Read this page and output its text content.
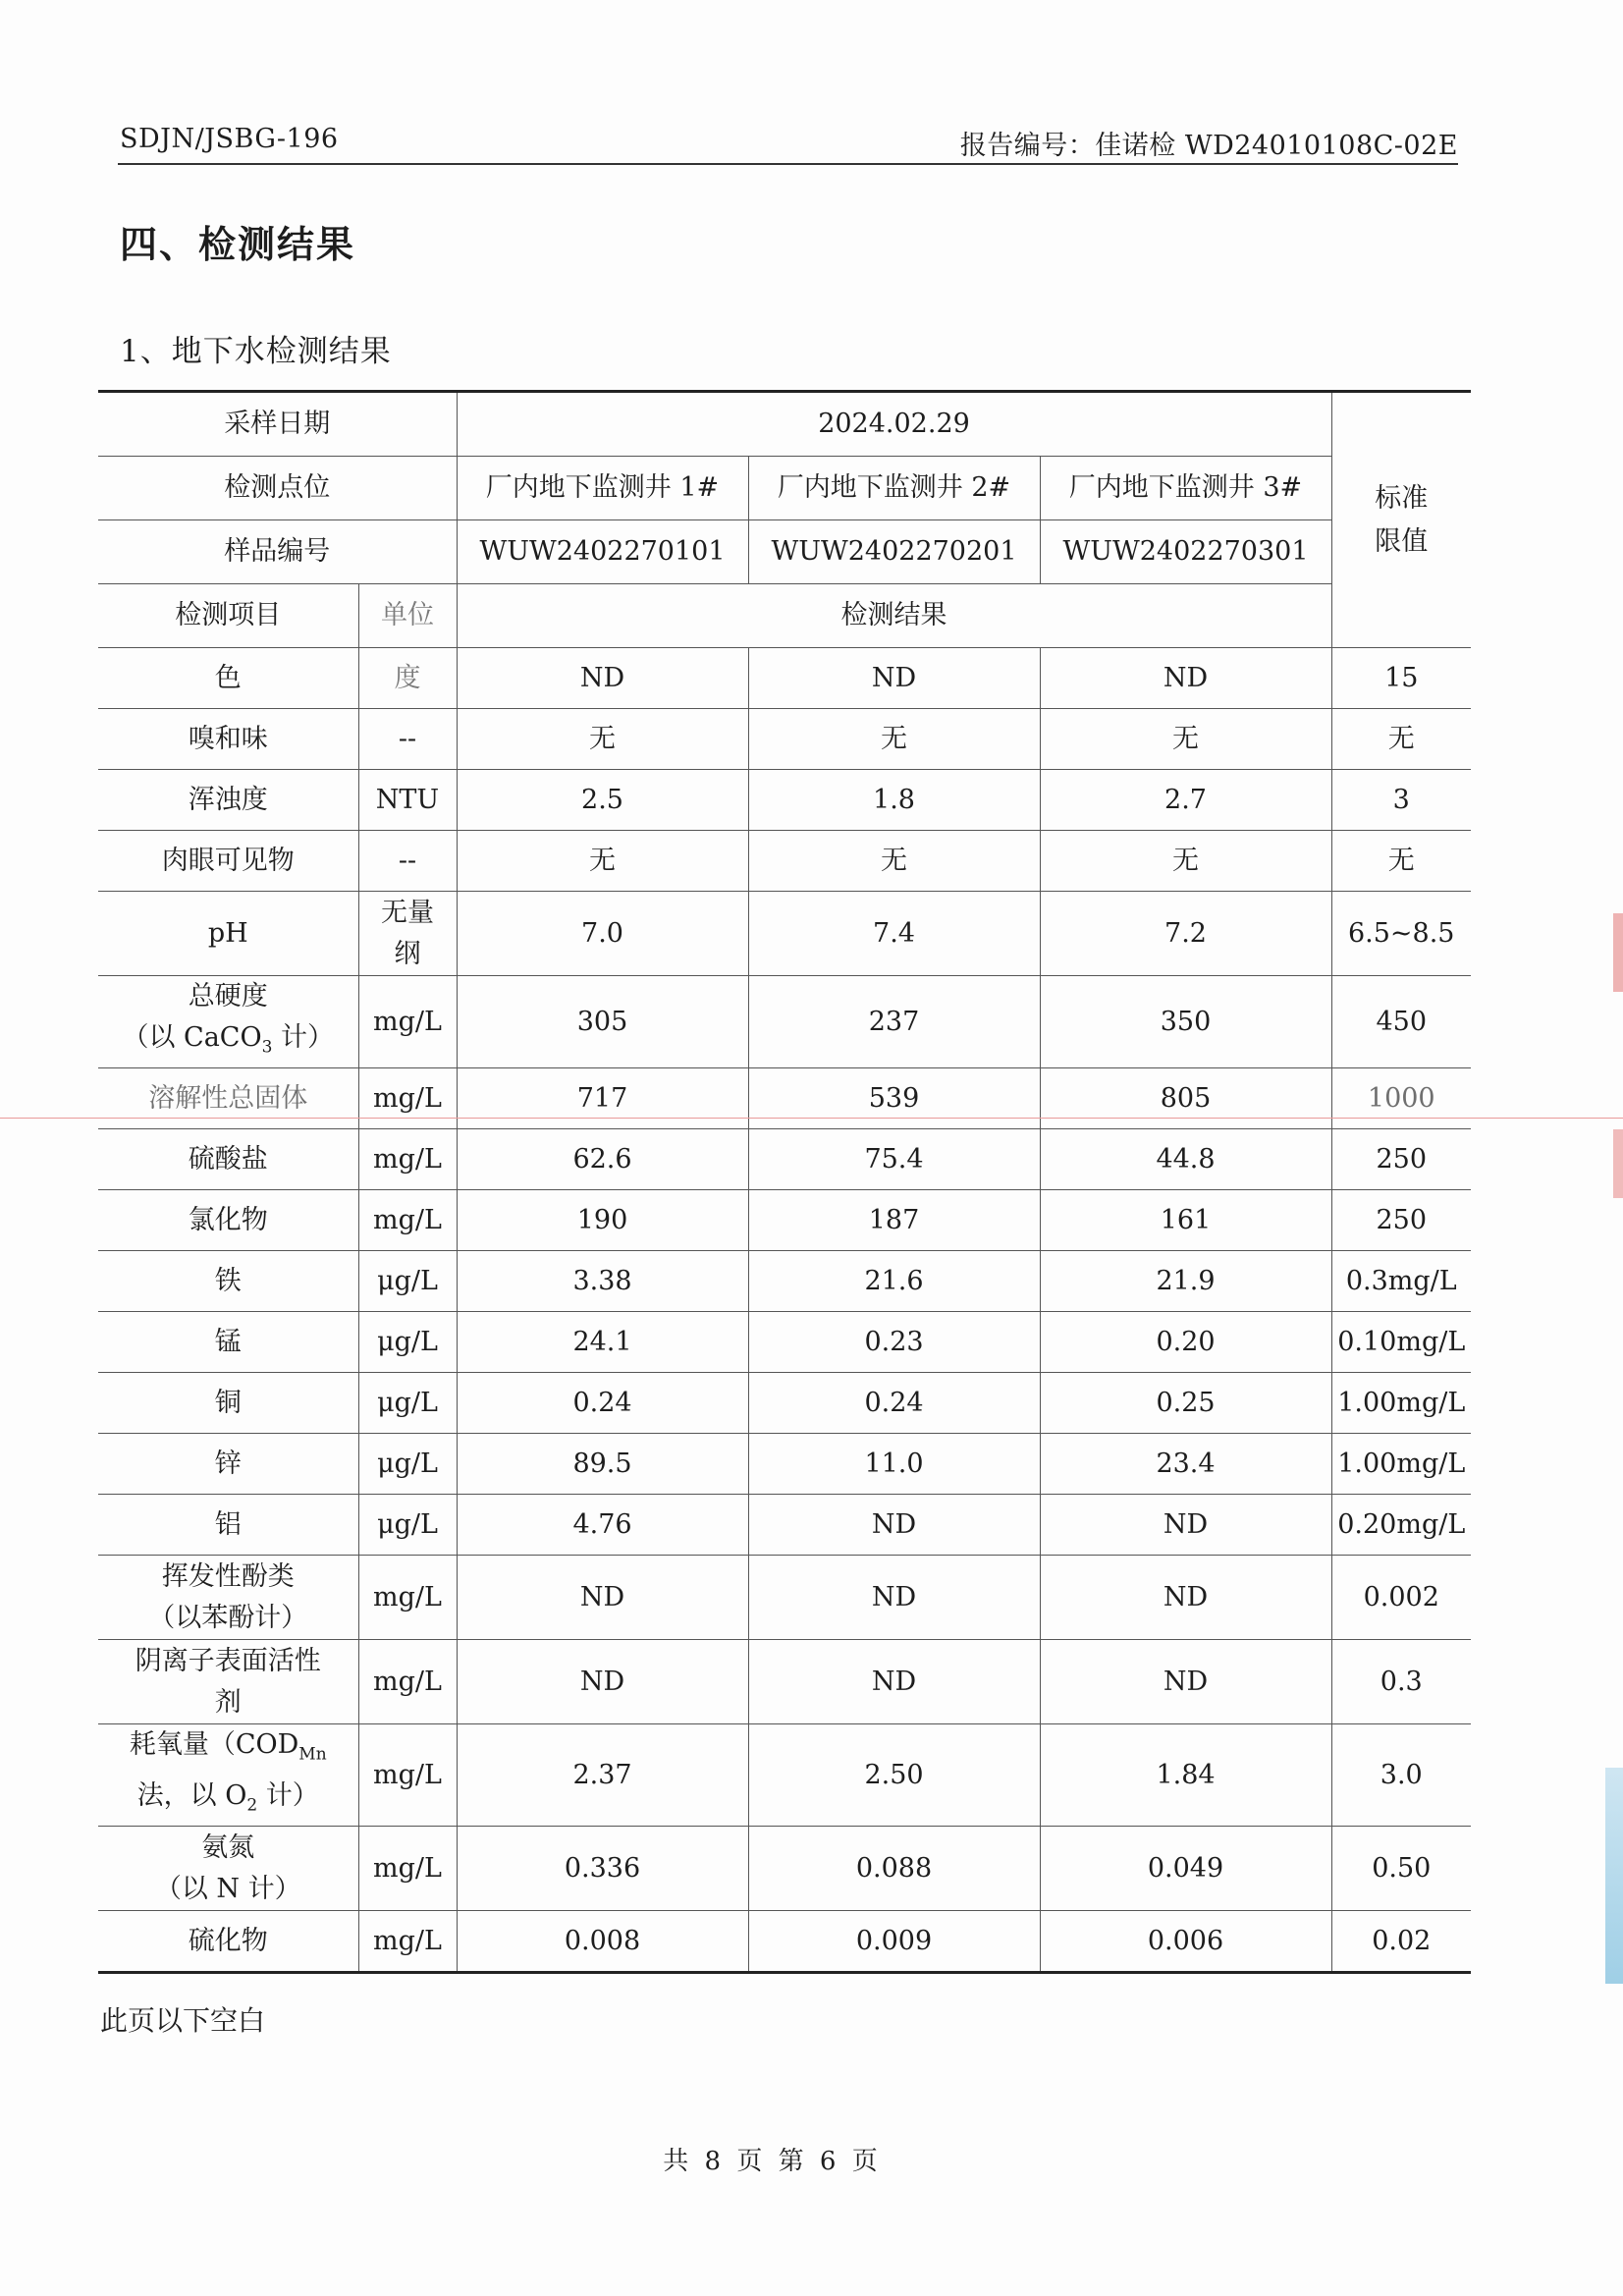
SDJN/JSBG-196	报告编号：佳诺检 WD24010108C-02E
四、检测结果
1、地下水检测结果
采样日期		2024.02.29			标准
限值
检测点位		厂内地下监测井 1#	厂内地下监测井 2#	厂内地下监测井 3#	
样品编号		WUW2402270101	WUW2402270201	WUW2402270301	
检测项目	单位	检测结果			
色	度	ND	ND	ND	15
嗅和味	--	无	无	无	无
浑浊度	NTU	2.5	1.8	2.7	3
肉眼可见物	--	无	无	无	无
pH	无量纲	7.0	7.4	7.2	6.5~8.5
总硬度
（以 CaCO$_3$ 计）	mg/L	305	237	350	450
溶解性总固体	mg/L	717	539	805	1000
硫酸盐	mg/L	62.6	75.4	44.8	250
氯化物	mg/L	190	187	161	250
铁	μg/L	3.38	21.6	21.9	0.3mg/L
锰	μg/L	24.1	0.23	0.20	0.10mg/L
铜	μg/L	0.24	0.24	0.25	1.00mg/L
锌	μg/L	89.5	11.0	23.4	1.00mg/L
铝	μg/L	4.76	ND	ND	0.20mg/L
挥发性酚类
（以苯酚计）	mg/L	ND	ND	ND	0.002
阴离子表面活性
剂	mg/L	ND	ND	ND	0.3
耗氧量（$COD_{Mn}$
法，以 $O_2$ 计）	mg/L	2.37	2.50	1.84	3.0
氨氮
（以 N 计）	mg/L	0.336	0.088	0.049	0.50
硫化物	mg/L	0.008	0.009	0.006	0.02
此页以下空白
共 8 页 第 6 页
